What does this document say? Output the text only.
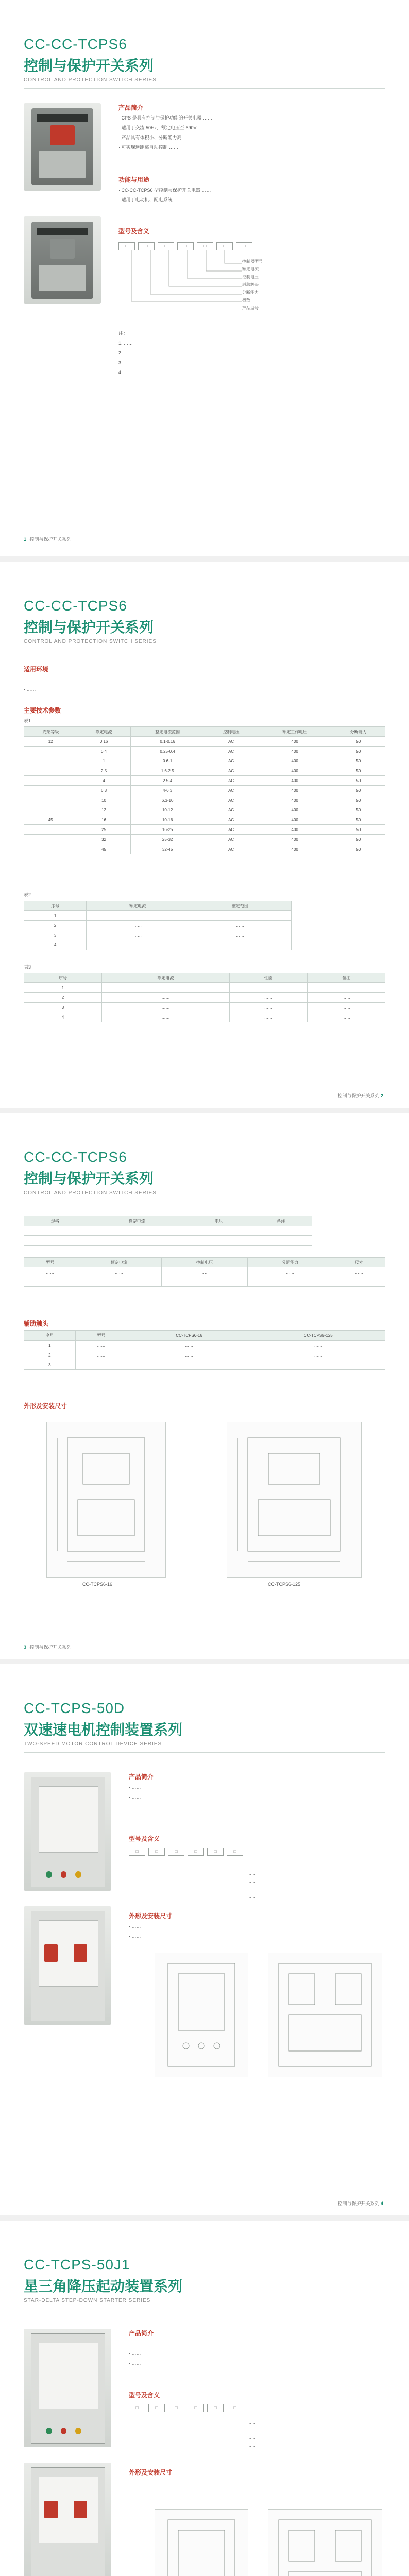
CC-CC-TCPS6
控制与保护开关系列
CONTROL AND PROTECTION SWITCH SERIES
产品简介

· CPS 是具有控制与保护功能的开关电器 ……

· 适用于交流 50Hz，额定电压至 690V ……

· 产品具有体积小、分断能力高 ……

· 可实现远距离自动控制 ……

功能与用途

· CC-CC-TCPS6 型控制与保护开关电器 ……

· 适用于电动机、配电系统 ……

型号及含义
□	□	□	□	□	□	□
控制器型号
额定电流
控制电压
辅助触头
分断能力
极数
产品型号

注：

1. ……

2. ……

3. ……

4. ……

1 控制与保护开关系列
CC-CC-TCPS6
控制与保护开关系列
CONTROL AND PROTECTION SWITCH SERIES
适用环境

· ……

· ……

主要技术参数
表1
壳架等级	额定电流	整定电流范围	控制电压	额定工作电压	分断能力
12	0.16	0.1-0.16	AC	400	50
	0.4	0.25-0.4	AC	400	50
	1	0.6-1	AC	400	50
	2.5	1.6-2.5	AC	400	50
	4	2.5-4	AC	400	50
	6.3	4-6.3	AC	400	50
	10	6.3-10	AC	400	50
	12	10-12	AC	400	50
45	16	10-16	AC	400	50
	25	16-25	AC	400	50
	32	25-32	AC	400	50
	45	32-45	AC	400	50
表2
序号	额定电流	整定范围
1	……	……
2	……	……
3	……	……
4	……	……
表3
序号	额定电流	性能	备注
1	……	……	……
2	……	……	……
3	……	……	……
4	……	……	……
控制与保护开关系列 2
CC-CC-TCPS6
控制与保护开关系列
CONTROL AND PROTECTION SWITCH SERIES
规格	额定电流	电压	备注
……	……	……	……
……	……	……	……
型号	额定电流	控制电压	分断能力	尺寸
……	……	……	……	……
……	……	……	……	……
辅助触头
序号	型号	CC-TCPS6-16	CC-TCPS6-125
1	……	……	……
2	……	……	……
3	……	……	……
外形及安装尺寸
CC-TCPS6-16	CC-TCPS6-125
3 控制与保护开关系列
CC-TCPS-50D
双速速电机控制装置系列
TWO-SPEED MOTOR CONTROL DEVICE SERIES
产品简介

· ……

· ……

· ……

型号及含义
□	□	□	□	□	□
……
……
……
……
……
外形及安装尺寸

· ……

· ……

控制与保护开关系列 4
CC-TCPS-50J1
星三角降压起动装置系列
STAR-DELTA STEP-DOWN STARTER SERIES
产品简介

· ……

· ……

· ……

型号及含义
□	□	□	□	□	□
……
……
……
……
……
外形及安装尺寸

· ……

· ……
